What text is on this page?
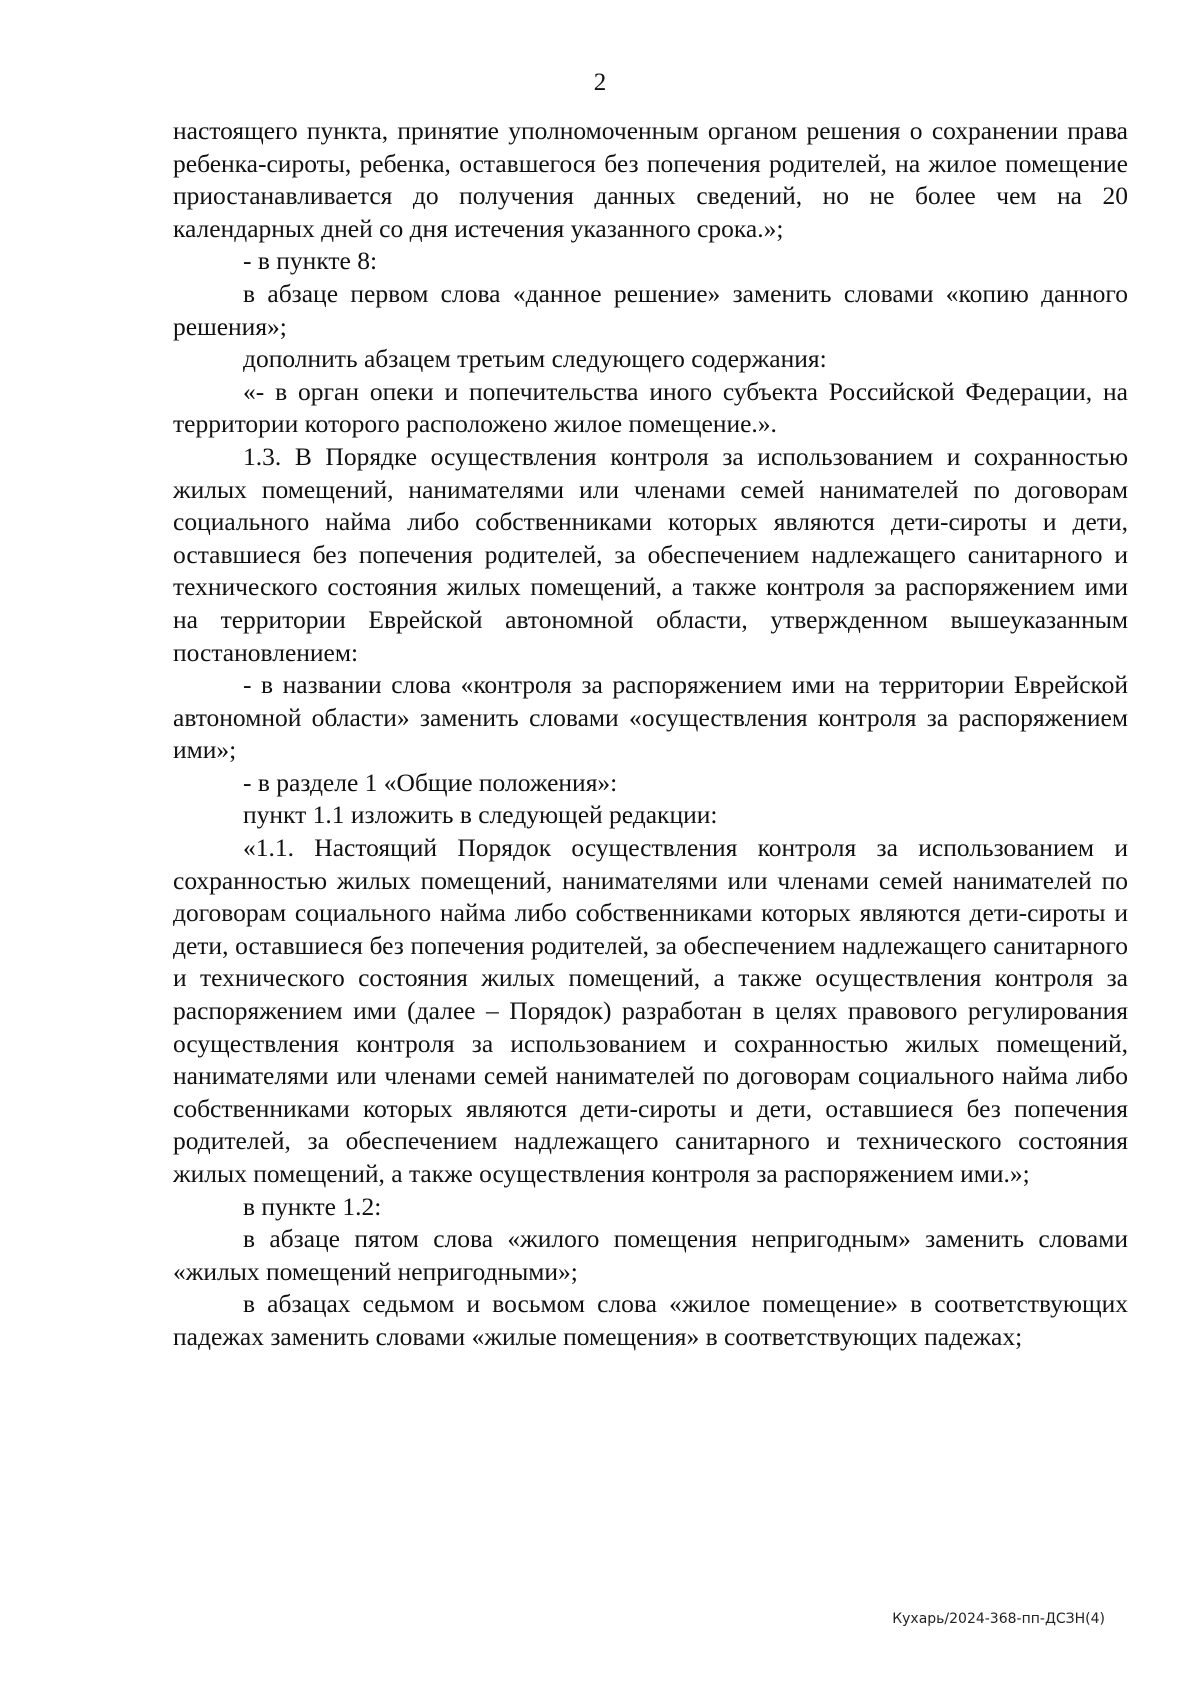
2

настоящего пункта, принятие уполномоченным органом решения о сохранении права ребенка-сироты, ребенка, оставшегося без попечения родителей, на жилое помещение приостанавливается до получения данных сведений, но не более чем на 20 календарных дней со дня истечения указанного срока.»;

- в пункте 8:

в абзаце первом слова «данное решение» заменить словами «копию данного решения»;

дополнить абзацем третьим следующего содержания:

«- в орган опеки и попечительства иного субъекта Российской Федерации, на территории которого расположено жилое помещение.».

1.3. В Порядке осуществления контроля за использованием и сохранностью жилых помещений, нанимателями или членами семей нанимателей по договорам социального найма либо собственниками которых являются дети-сироты и дети, оставшиеся без попечения родителей, за обеспечением надлежащего санитарного и технического состояния жилых помещений, а также контроля за распоряжением ими на территории Еврейской автономной области, утвержденном вышеуказанным постановлением:

- в названии слова «контроля за распоряжением ими на территории Еврейской автономной области» заменить словами «осуществления контроля за распоряжением ими»;

- в разделе 1 «Общие положения»:

пункт 1.1 изложить в следующей редакции:

«1.1. Настоящий Порядок осуществления контроля за использованием и сохранностью жилых помещений, нанимателями или членами семей нанимателей по договорам социального найма либо собственниками которых являются дети-сироты и дети, оставшиеся без попечения родителей, за обеспечением надлежащего санитарного и технического состояния жилых помещений, а также осуществления контроля за распоряжением ими (далее – Порядок) разработан в целях правового регулирования осуществления контроля за использованием и сохранностью жилых помещений, нанимателями или членами семей нанимателей по договорам социального найма либо собственниками которых являются дети-сироты и дети, оставшиеся без попечения родителей, за обеспечением надлежащего санитарного и технического состояния жилых помещений, а также осуществления контроля за распоряжением ими.»;

в пункте 1.2:

в абзаце пятом слова «жилого помещения непригодным» заменить словами «жилых помещений непригодными»;

в абзацах седьмом и восьмом слова «жилое помещение» в соответствующих падежах заменить словами «жилые помещения» в соответствующих падежах;

Кухарь/2024-368-пп-ДСЗН(4)
